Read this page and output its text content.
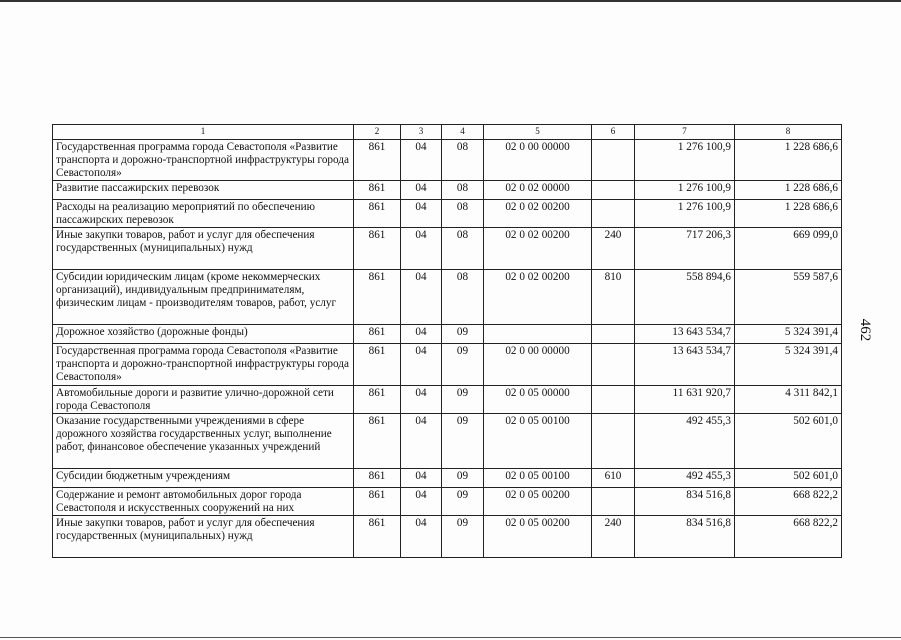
1	2	3	4	5	6	7	8
Государственная программа города Севастополя «Развитие транспорта и дорожно-транспортной инфраструктуры города Севастополя»	861	04	08	02 0 00 00000		1 276 100,9	1 228 686,6
Развитие пассажирских перевозок	861	04	08	02 0 02 00000		1 276 100,9	1 228 686,6
Расходы на реализацию мероприятий по обеспечению пассажирских перевозок	861	04	08	02 0 02 00200		1 276 100,9	1 228 686,6
Иные закупки товаров, работ и услуг для обеспечения государственных (муниципальных) нужд	861	04	08	02 0 02 00200	240	717 206,3	669 099,0
Субсидии юридическим лицам (кроме некоммерческих организаций), индивидуальным предпринимателям, физическим лицам - производителям товаров, работ, услуг	861	04	08	02 0 02 00200	810	558 894,6	559 587,6
Дорожное хозяйство (дорожные фонды)	861	04	09			13 643 534,7	5 324 391,4
Государственная программа города Севастополя «Развитие транспорта и дорожно-транспортной инфраструктуры города Севастополя»	861	04	09	02 0 00 00000		13 643 534,7	5 324 391,4
Автомобильные дороги и развитие улично-дорожной сети города Севастополя	861	04	09	02 0 05 00000		11 631 920,7	4 311 842,1
Оказание государственными учреждениями в сфере дорожного хозяйства государственных услуг, выполнение работ, финансовое обеспечение указанных учреждений	861	04	09	02 0 05 00100		492 455,3	502 601,0
Субсидии бюджетным учреждениям	861	04	09	02 0 05 00100	610	492 455,3	502 601,0
Содержание и ремонт автомобильных дорог города Севастополя и искусственных сооружений на них	861	04	09	02 0 05 00200		834 516,8	668 822,2
Иные закупки товаров, работ и услуг для обеспечения государственных (муниципальных) нужд	861	04	09	02 0 05 00200	240	834 516,8	668 822,2
462
